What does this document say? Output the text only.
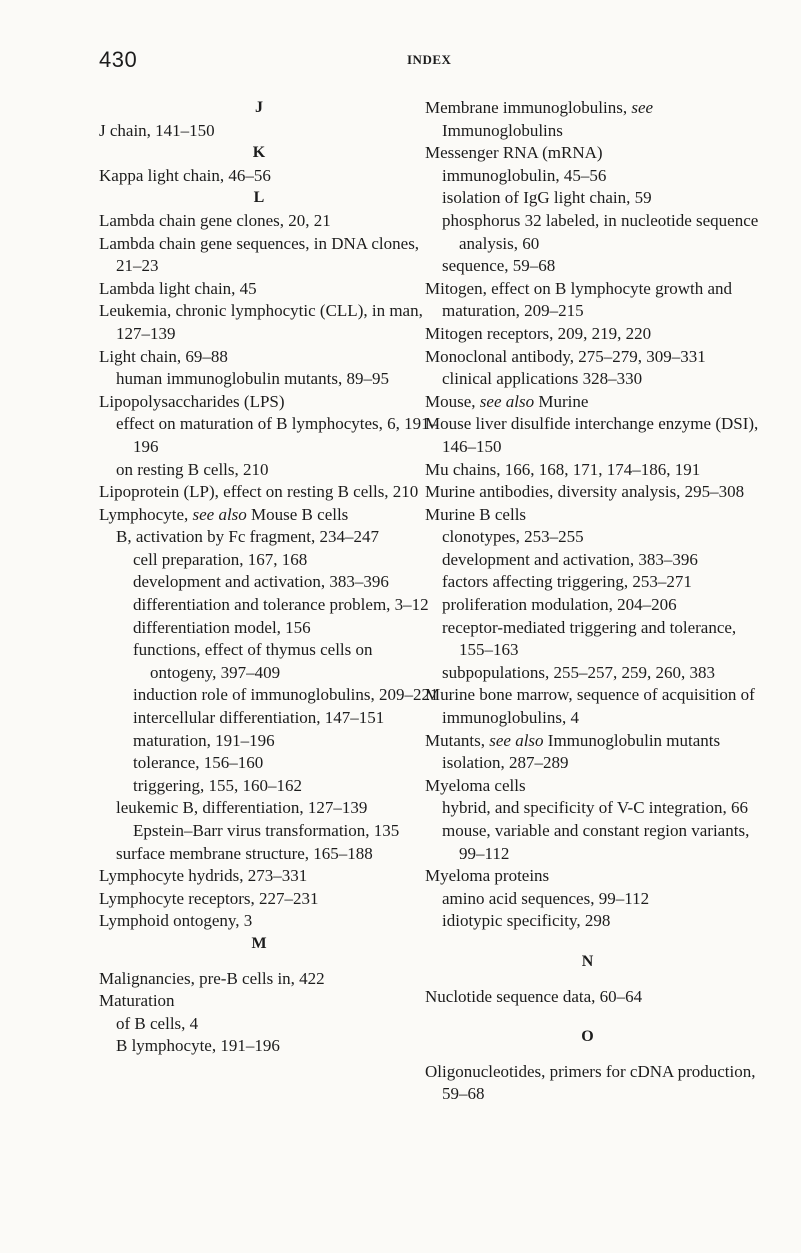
430	INDEX
J
J chain, 141–150
K
Kappa light chain, 46–56
L
Lambda chain gene clones, 20, 21
Lambda chain gene sequences, in DNA clones, 21–23
Lambda light chain, 45
Leukemia, chronic lymphocytic (CLL), in man, 127–139
Light chain, 69–88
human immunoglobulin mutants, 89–95
Lipopolysaccharides (LPS)
effect on maturation of B lymphocytes, 6, 191–196
on resting B cells, 210
Lipoprotein (LP), effect on resting B cells, 210
Lymphocyte, see also Mouse B cells
B, activation by Fc fragment, 234–247
cell preparation, 167, 168
development and activation, 383–396
differentiation and tolerance problem, 3–12
differentiation model, 156
functions, effect of thymus cells on ontogeny, 397–409
induction role of immunoglobulins, 209–221
intercellular differentiation, 147–151
maturation, 191–196
tolerance, 156–160
triggering, 155, 160–162
leukemic B, differentiation, 127–139
Epstein–Barr virus transformation, 135
surface membrane structure, 165–188
Lymphocyte hydrids, 273–331
Lymphocyte receptors, 227–231
Lymphoid ontogeny, 3
M
Malignancies, pre-B cells in, 422
Maturation
of B cells, 4
B lymphocyte, 191–196
Membrane immunoglobulins, see Immunoglobulins
Messenger RNA (mRNA)
immunoglobulin, 45–56
isolation of IgG light chain, 59
phosphorus 32 labeled, in nucleotide sequence analysis, 60
sequence, 59–68
Mitogen, effect on B lymphocyte growth and maturation, 209–215
Mitogen receptors, 209, 219, 220
Monoclonal antibody, 275–279, 309–331
clinical applications 328–330
Mouse, see also Murine
Mouse liver disulfide interchange enzyme (DSI), 146–150
Mu chains, 166, 168, 171, 174–186, 191
Murine antibodies, diversity analysis, 295–308
Murine B cells
clonotypes, 253–255
development and activation, 383–396
factors affecting triggering, 253–271
proliferation modulation, 204–206
receptor-mediated triggering and tolerance, 155–163
subpopulations, 255–257, 259, 260, 383
Murine bone marrow, sequence of acquisition of immunoglobulins, 4
Mutants, see also Immunoglobulin mutants
isolation, 287–289
Myeloma cells
hybrid, and specificity of V-C integration, 66
mouse, variable and constant region variants, 99–112
Myeloma proteins
amino acid sequences, 99–112
idiotypic specificity, 298
N
Nuclotide sequence data, 60–64
O
Oligonucleotides, primers for cDNA production, 59–68
